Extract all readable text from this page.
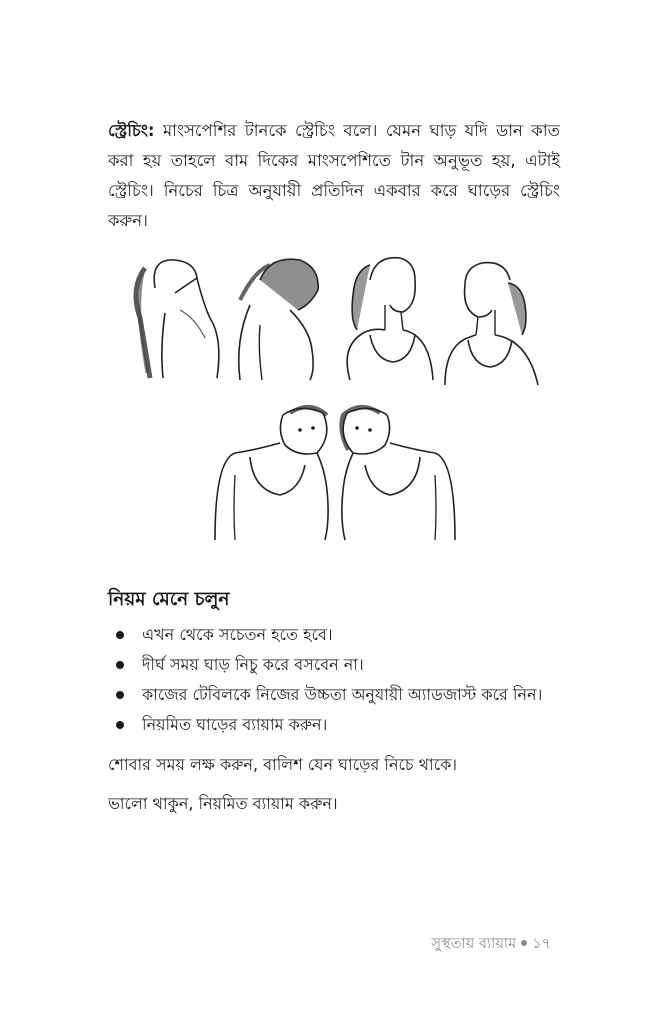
স্ট্রেচিং: মাংসপেশির টানকে স্ট্রেচিং বলে। যেমন ঘাড় যদি ডান কাত করা হয় তাহলে বাম দিকের মাংসপেশিতে টান অনুভূত হয়, এটাই স্ট্রেচিং। নিচের চিত্র অনুযায়ী প্রতিদিন একবার করে ঘাড়ের স্ট্রেচিং করুন।
নিয়ম মেনে চলুন
এখন থেকে সচেতন হতে হবে।
দীর্ঘ সময় ঘাড় নিচু করে বসবেন না।
কাজের টেবিলকে নিজের উচ্চতা অনুযায়ী অ্যাডজাস্ট করে নিন।
নিয়মিত ঘাড়ের ব্যায়াম করুন।
শোবার সময় লক্ষ করুন, বালিশ যেন ঘাড়ের নিচে থাকে।
ভালো থাকুন, নিয়মিত ব্যায়াম করুন।
সুস্থতায় ব্যায়াম ১৭
